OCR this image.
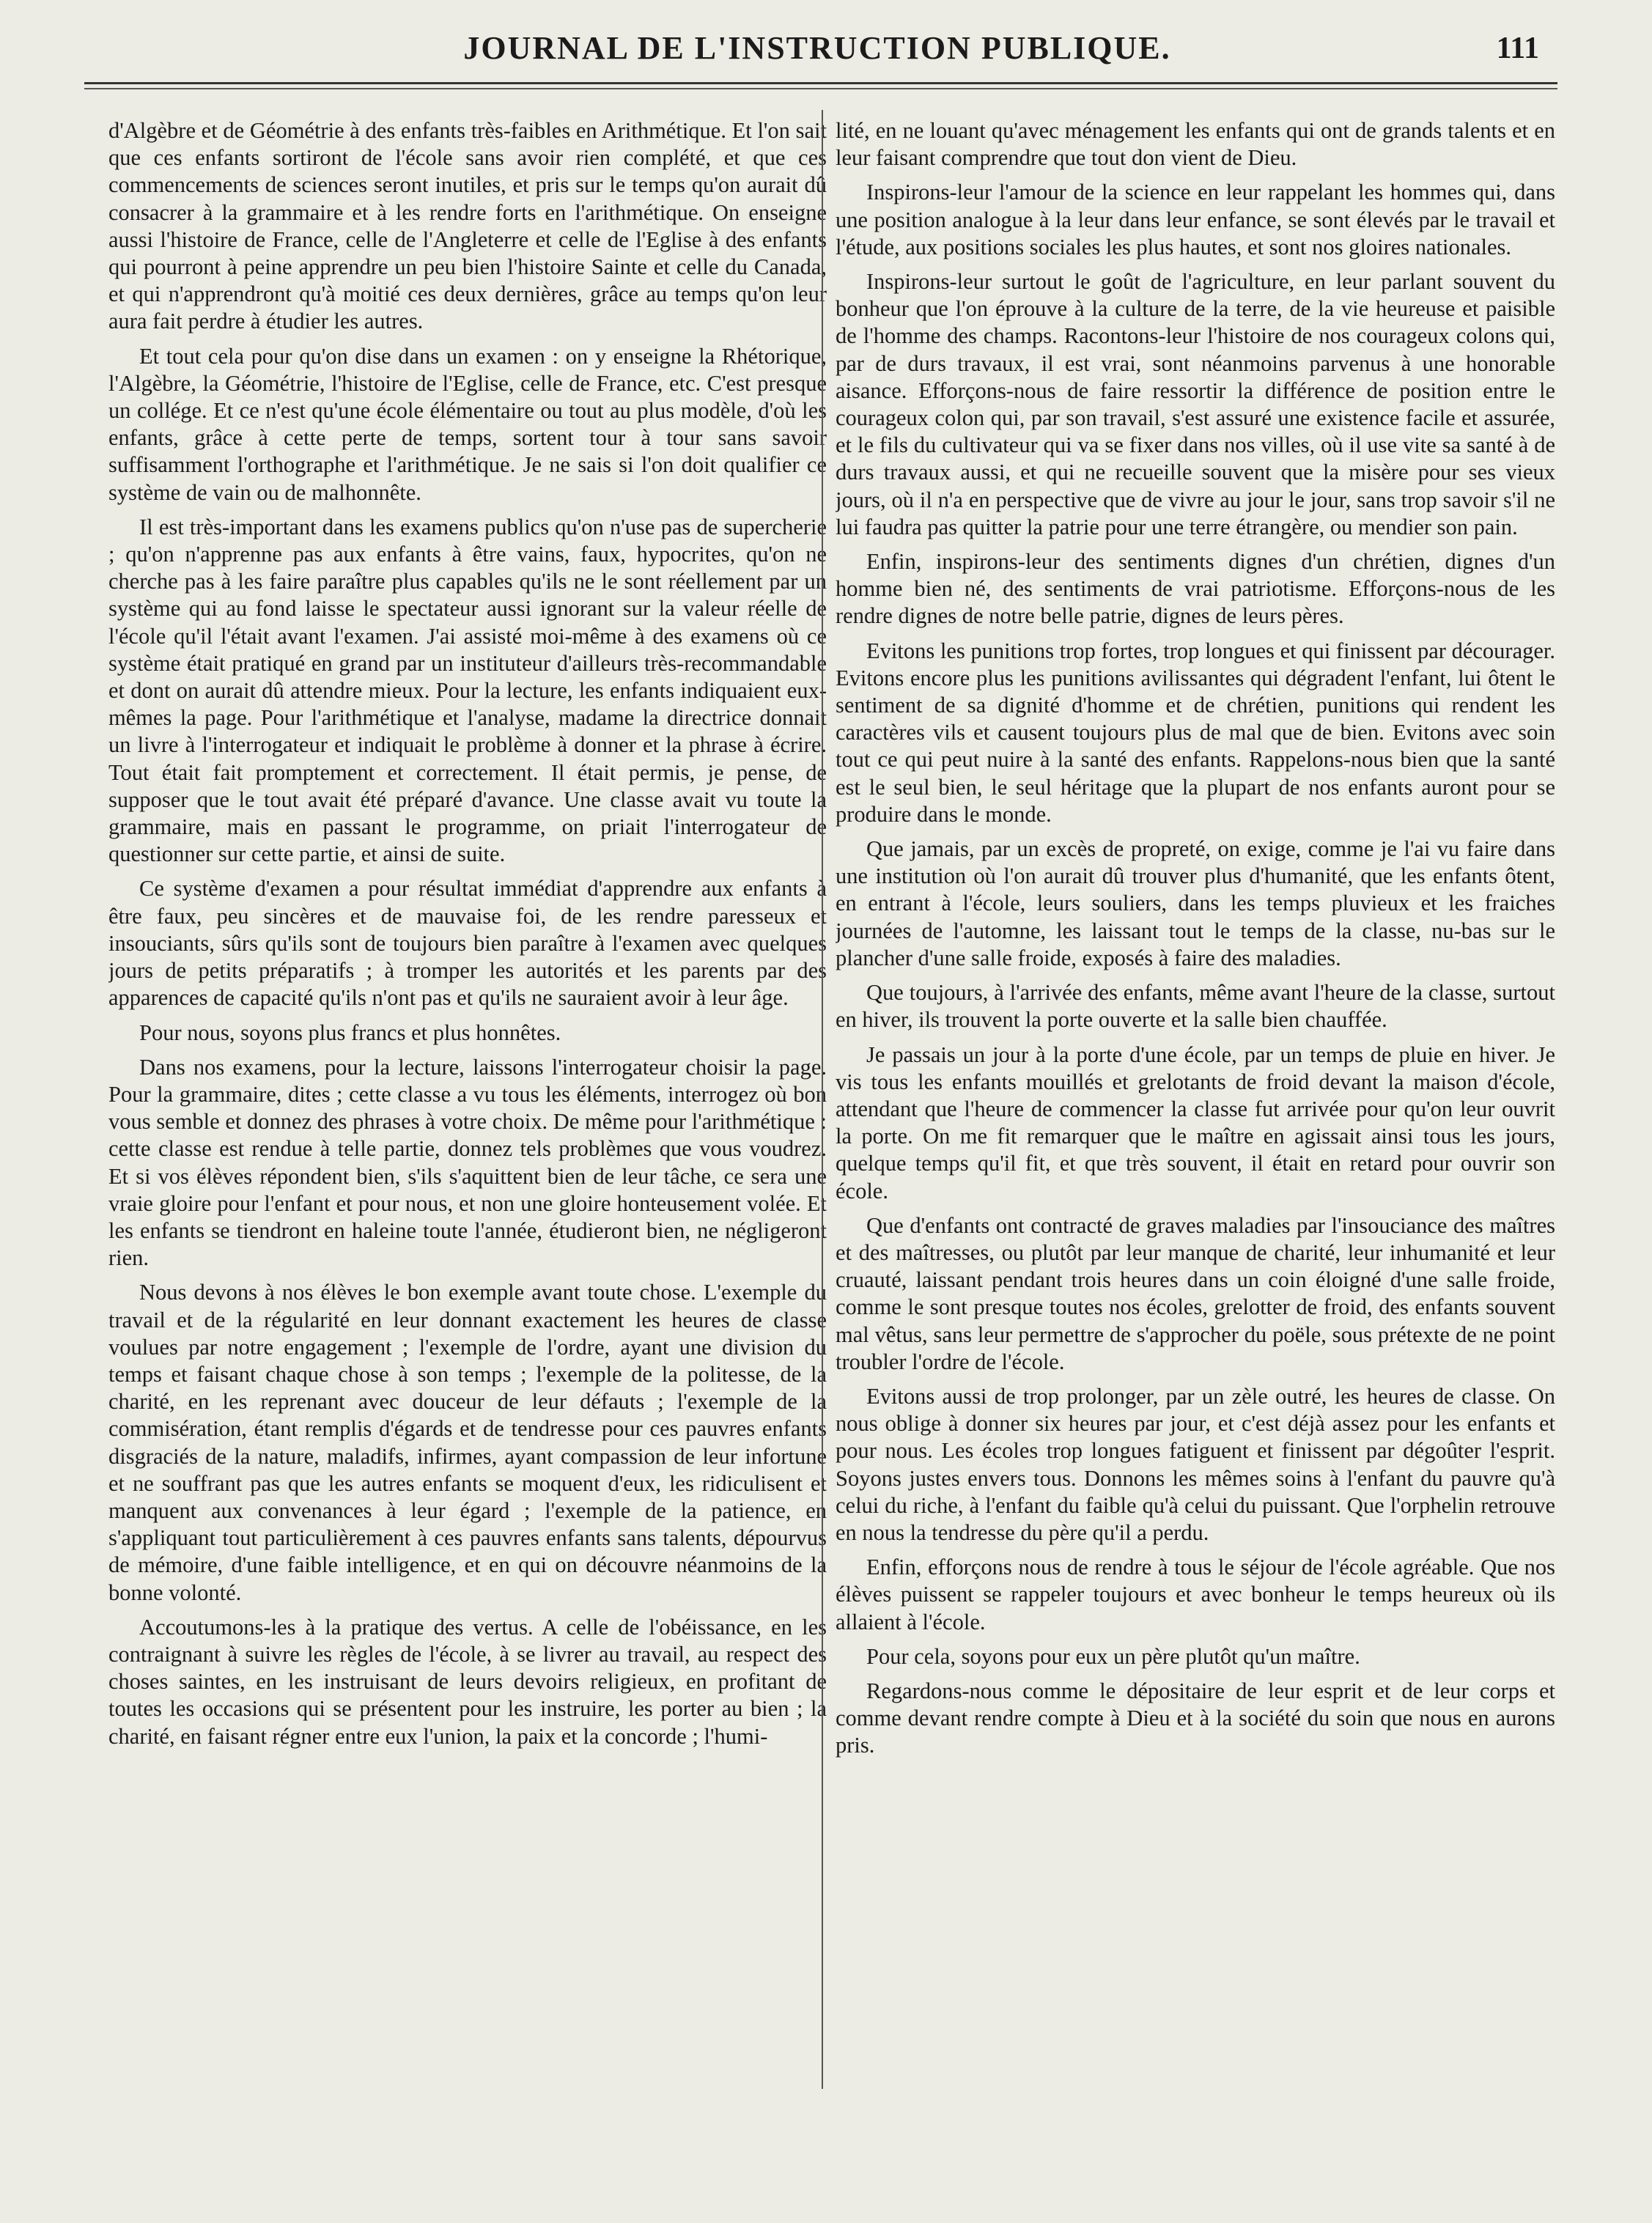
JOURNAL DE L'INSTRUCTION PUBLIQUE.	111

d'Algèbre et de Géométrie à des enfants très-faibles en Arithmétique. Et l'on sait que ces enfants sortiront de l'école sans avoir rien complété, et que ces commencements de sciences seront inutiles, et pris sur le temps qu'on aurait dû consacrer à la grammaire et à les rendre forts en l'arithmétique. On enseigne aussi l'histoire de France, celle de l'Angleterre et celle de l'Eglise à des enfants qui pourront à peine apprendre un peu bien l'histoire Sainte et celle du Canada, et qui n'apprendront qu'à moitié ces deux dernières, grâce au temps qu'on leur aura fait perdre à étudier les autres.

Et tout cela pour qu'on dise dans un examen : on y enseigne la Rhétorique, l'Algèbre, la Géométrie, l'histoire de l'Eglise, celle de France, etc. C'est presque un collége. Et ce n'est qu'une école élémentaire ou tout au plus modèle, d'où les enfants, grâce à cette perte de temps, sortent tour à tour sans savoir suffisamment l'orthographe et l'arithmétique. Je ne sais si l'on doit qualifier ce système de vain ou de malhonnête.

Il est très-important dans les examens publics qu'on n'use pas de supercherie ; qu'on n'apprenne pas aux enfants à être vains, faux, hypocrites, qu'on ne cherche pas à les faire paraître plus capables qu'ils ne le sont réellement par un système qui au fond laisse le spectateur aussi ignorant sur la valeur réelle de l'école qu'il l'était avant l'examen. J'ai assisté moi-même à des examens où ce système était pratiqué en grand par un instituteur d'ailleurs très-recommandable et dont on aurait dû attendre mieux. Pour la lecture, les enfants indiquaient eux-mêmes la page. Pour l'arithmétique et l'analyse, madame la directrice donnait un livre à l'interrogateur et indiquait le problème à donner et la phrase à écrire. Tout était fait promptement et correctement. Il était permis, je pense, de supposer que le tout avait été préparé d'avance. Une classe avait vu toute la grammaire, mais en passant le programme, on priait l'interrogateur de questionner sur cette partie, et ainsi de suite.

Ce système d'examen a pour résultat immédiat d'apprendre aux enfants à être faux, peu sincères et de mauvaise foi, de les rendre paresseux et insouciants, sûrs qu'ils sont de toujours bien paraître à l'examen avec quelques jours de petits préparatifs ; à tromper les autorités et les parents par des apparences de capacité qu'ils n'ont pas et qu'ils ne sauraient avoir à leur âge.

Pour nous, soyons plus francs et plus honnêtes.

Dans nos examens, pour la lecture, laissons l'interrogateur choisir la page. Pour la grammaire, dites ; cette classe a vu tous les éléments, interrogez où bon vous semble et donnez des phrases à votre choix. De même pour l'arithmétique : cette classe est rendue à telle partie, donnez tels problèmes que vous voudrez. Et si vos élèves répondent bien, s'ils s'aquittent bien de leur tâche, ce sera une vraie gloire pour l'enfant et pour nous, et non une gloire honteusement volée. Et les enfants se tiendront en haleine toute l'année, étudieront bien, ne négligeront rien.

Nous devons à nos élèves le bon exemple avant toute chose. L'exemple du travail et de la régularité en leur donnant exactement les heures de classe voulues par notre engagement ; l'exemple de l'ordre, ayant une division du temps et faisant chaque chose à son temps ; l'exemple de la politesse, de la charité, en les reprenant avec douceur de leur défauts ; l'exemple de la commisération, étant remplis d'égards et de tendresse pour ces pauvres enfants disgraciés de la nature, maladifs, infirmes, ayant compassion de leur infortune et ne souffrant pas que les autres enfants se moquent d'eux, les ridiculisent et manquent aux convenances à leur égard ; l'exemple de la patience, en s'appliquant tout particulièrement à ces pauvres enfants sans talents, dépourvus de mémoire, d'une faible intelligence, et en qui on découvre néanmoins de la bonne volonté.

Accoutumons-les à la pratique des vertus. A celle de l'obéissance, en les contraignant à suivre les règles de l'école, à se livrer au travail, au respect des choses saintes, en les instruisant de leurs devoirs religieux, en profitant de toutes les occasions qui se présentent pour les instruire, les porter au bien ; la charité, en faisant régner entre eux l'union, la paix et la concorde ; l'humi-

lité, en ne louant qu'avec ménagement les enfants qui ont de grands talents et en leur faisant comprendre que tout don vient de Dieu.

Inspirons-leur l'amour de la science en leur rappelant les hommes qui, dans une position analogue à la leur dans leur enfance, se sont élevés par le travail et l'étude, aux positions sociales les plus hautes, et sont nos gloires nationales.

Inspirons-leur surtout le goût de l'agriculture, en leur parlant souvent du bonheur que l'on éprouve à la culture de la terre, de la vie heureuse et paisible de l'homme des champs. Racontons-leur l'histoire de nos courageux colons qui, par de durs travaux, il est vrai, sont néanmoins parvenus à une honorable aisance. Efforçons-nous de faire ressortir la différence de position entre le courageux colon qui, par son travail, s'est assuré une existence facile et assurée, et le fils du cultivateur qui va se fixer dans nos villes, où il use vite sa santé à de durs travaux aussi, et qui ne recueille souvent que la misère pour ses vieux jours, où il n'a en perspective que de vivre au jour le jour, sans trop savoir s'il ne lui faudra pas quitter la patrie pour une terre étrangère, ou mendier son pain.

Enfin, inspirons-leur des sentiments dignes d'un chrétien, dignes d'un homme bien né, des sentiments de vrai patriotisme. Efforçons-nous de les rendre dignes de notre belle patrie, dignes de leurs pères.

Evitons les punitions trop fortes, trop longues et qui finissent par décourager. Evitons encore plus les punitions avilissantes qui dégradent l'enfant, lui ôtent le sentiment de sa dignité d'homme et de chrétien, punitions qui rendent les caractères vils et causent toujours plus de mal que de bien. Evitons avec soin tout ce qui peut nuire à la santé des enfants. Rappelons-nous bien que la santé est le seul bien, le seul héritage que la plupart de nos enfants auront pour se produire dans le monde.

Que jamais, par un excès de propreté, on exige, comme je l'ai vu faire dans une institution où l'on aurait dû trouver plus d'humanité, que les enfants ôtent, en entrant à l'école, leurs souliers, dans les temps pluvieux et les fraiches journées de l'automne, les laissant tout le temps de la classe, nu-bas sur le plancher d'une salle froide, exposés à faire des maladies.

Que toujours, à l'arrivée des enfants, même avant l'heure de la classe, surtout en hiver, ils trouvent la porte ouverte et la salle bien chauffée.

Je passais un jour à la porte d'une école, par un temps de pluie en hiver. Je vis tous les enfants mouillés et grelotants de froid devant la maison d'école, attendant que l'heure de commencer la classe fut arrivée pour qu'on leur ouvrit la porte. On me fit remarquer que le maître en agissait ainsi tous les jours, quelque temps qu'il fit, et que très souvent, il était en retard pour ouvrir son école.

Que d'enfants ont contracté de graves maladies par l'insouciance des maîtres et des maîtresses, ou plutôt par leur manque de charité, leur inhumanité et leur cruauté, laissant pendant trois heures dans un coin éloigné d'une salle froide, comme le sont presque toutes nos écoles, grelotter de froid, des enfants souvent mal vêtus, sans leur permettre de s'approcher du poële, sous prétexte de ne point troubler l'ordre de l'école.

Evitons aussi de trop prolonger, par un zèle outré, les heures de classe. On nous oblige à donner six heures par jour, et c'est déjà assez pour les enfants et pour nous. Les écoles trop longues fatiguent et finissent par dégoûter l'esprit. Soyons justes envers tous. Donnons les mêmes soins à l'enfant du pauvre qu'à celui du riche, à l'enfant du faible qu'à celui du puissant. Que l'orphelin retrouve en nous la tendresse du père qu'il a perdu.

Enfin, efforçons nous de rendre à tous le séjour de l'école agréable. Que nos élèves puissent se rappeler toujours et avec bonheur le temps heureux où ils allaient à l'école.

Pour cela, soyons pour eux un père plutôt qu'un maître.

Regardons-nous comme le dépositaire de leur esprit et de leur corps et comme devant rendre compte à Dieu et à la société du soin que nous en aurons pris.
